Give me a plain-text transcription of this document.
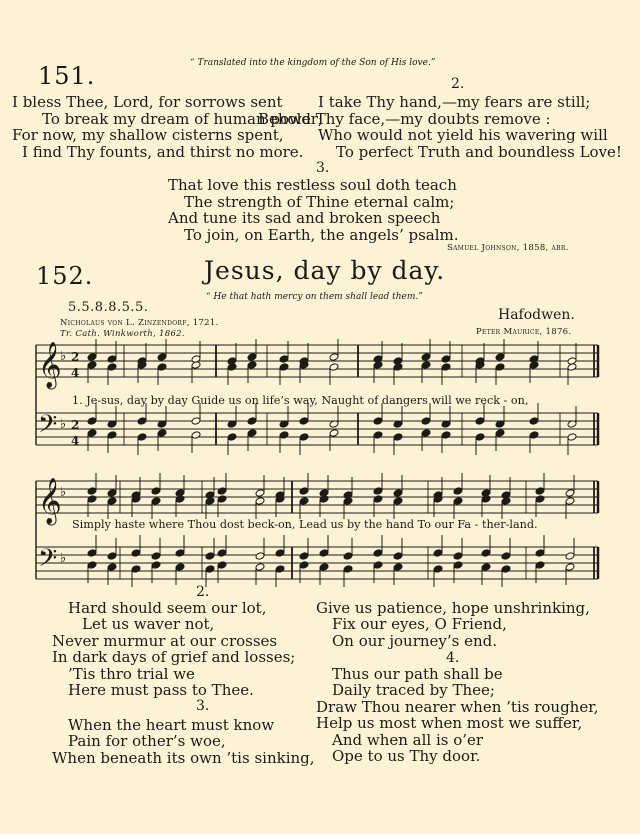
“ Translated into the kingdom of the Son of His love.”
151.	2.
I bless Thee, Lord, for sorrows sent
To break my dream of human power;
For now, my shallow cisterns spent,
I find Thy founts, and thirst no more.
I take Thy hand,—my fears are still;
Behold Thy face,—my doubts remove :
Who would not yield his wavering will
To perfect Truth and boundless Love!
3.
That love this restless soul doth teach
The strength of Thine eternal calm;
And tune its sad and broken speech
To join, on Earth, the angels’ psalm.
Samuel Johnson, 1858, abr.
152.	Jesus, day by day.
“ He that hath mercy on them shall lead them.”
5.5.8.8.5.5.
Nicholaus von L. Zinzendorf, 1721.
Tr. Cath. Winkworth, 1862.
Hafodwen.
Peter Maurice, 1876.
𝄞
𝄢
𝄞
𝄢
♭
♭
♭
♭
2
4
2
4
1. Je-sus, day by day Guide us on life’s way, Naught of dangers will we reck - on,
Simply haste where Thou dost beck-on, Lead us by the hand To our Fa - ther-land.
2.
Hard should seem our lot,
Let us waver not,
Never murmur at our crosses
In dark days of grief and losses;
’Tis thro trial we
Here must pass to Thee.
3.
When the heart must know
Pain for other’s woe,
When beneath its own ’tis sinking,
Give us patience, hope unshrinking,
Fix our eyes, O Friend,
On our journey’s end.
4.
Thus our path shall be
Daily traced by Thee;
Draw Thou nearer when ’tis rougher,
Help us most when most we suffer,
And when all is o’er
Ope to us Thy door.
